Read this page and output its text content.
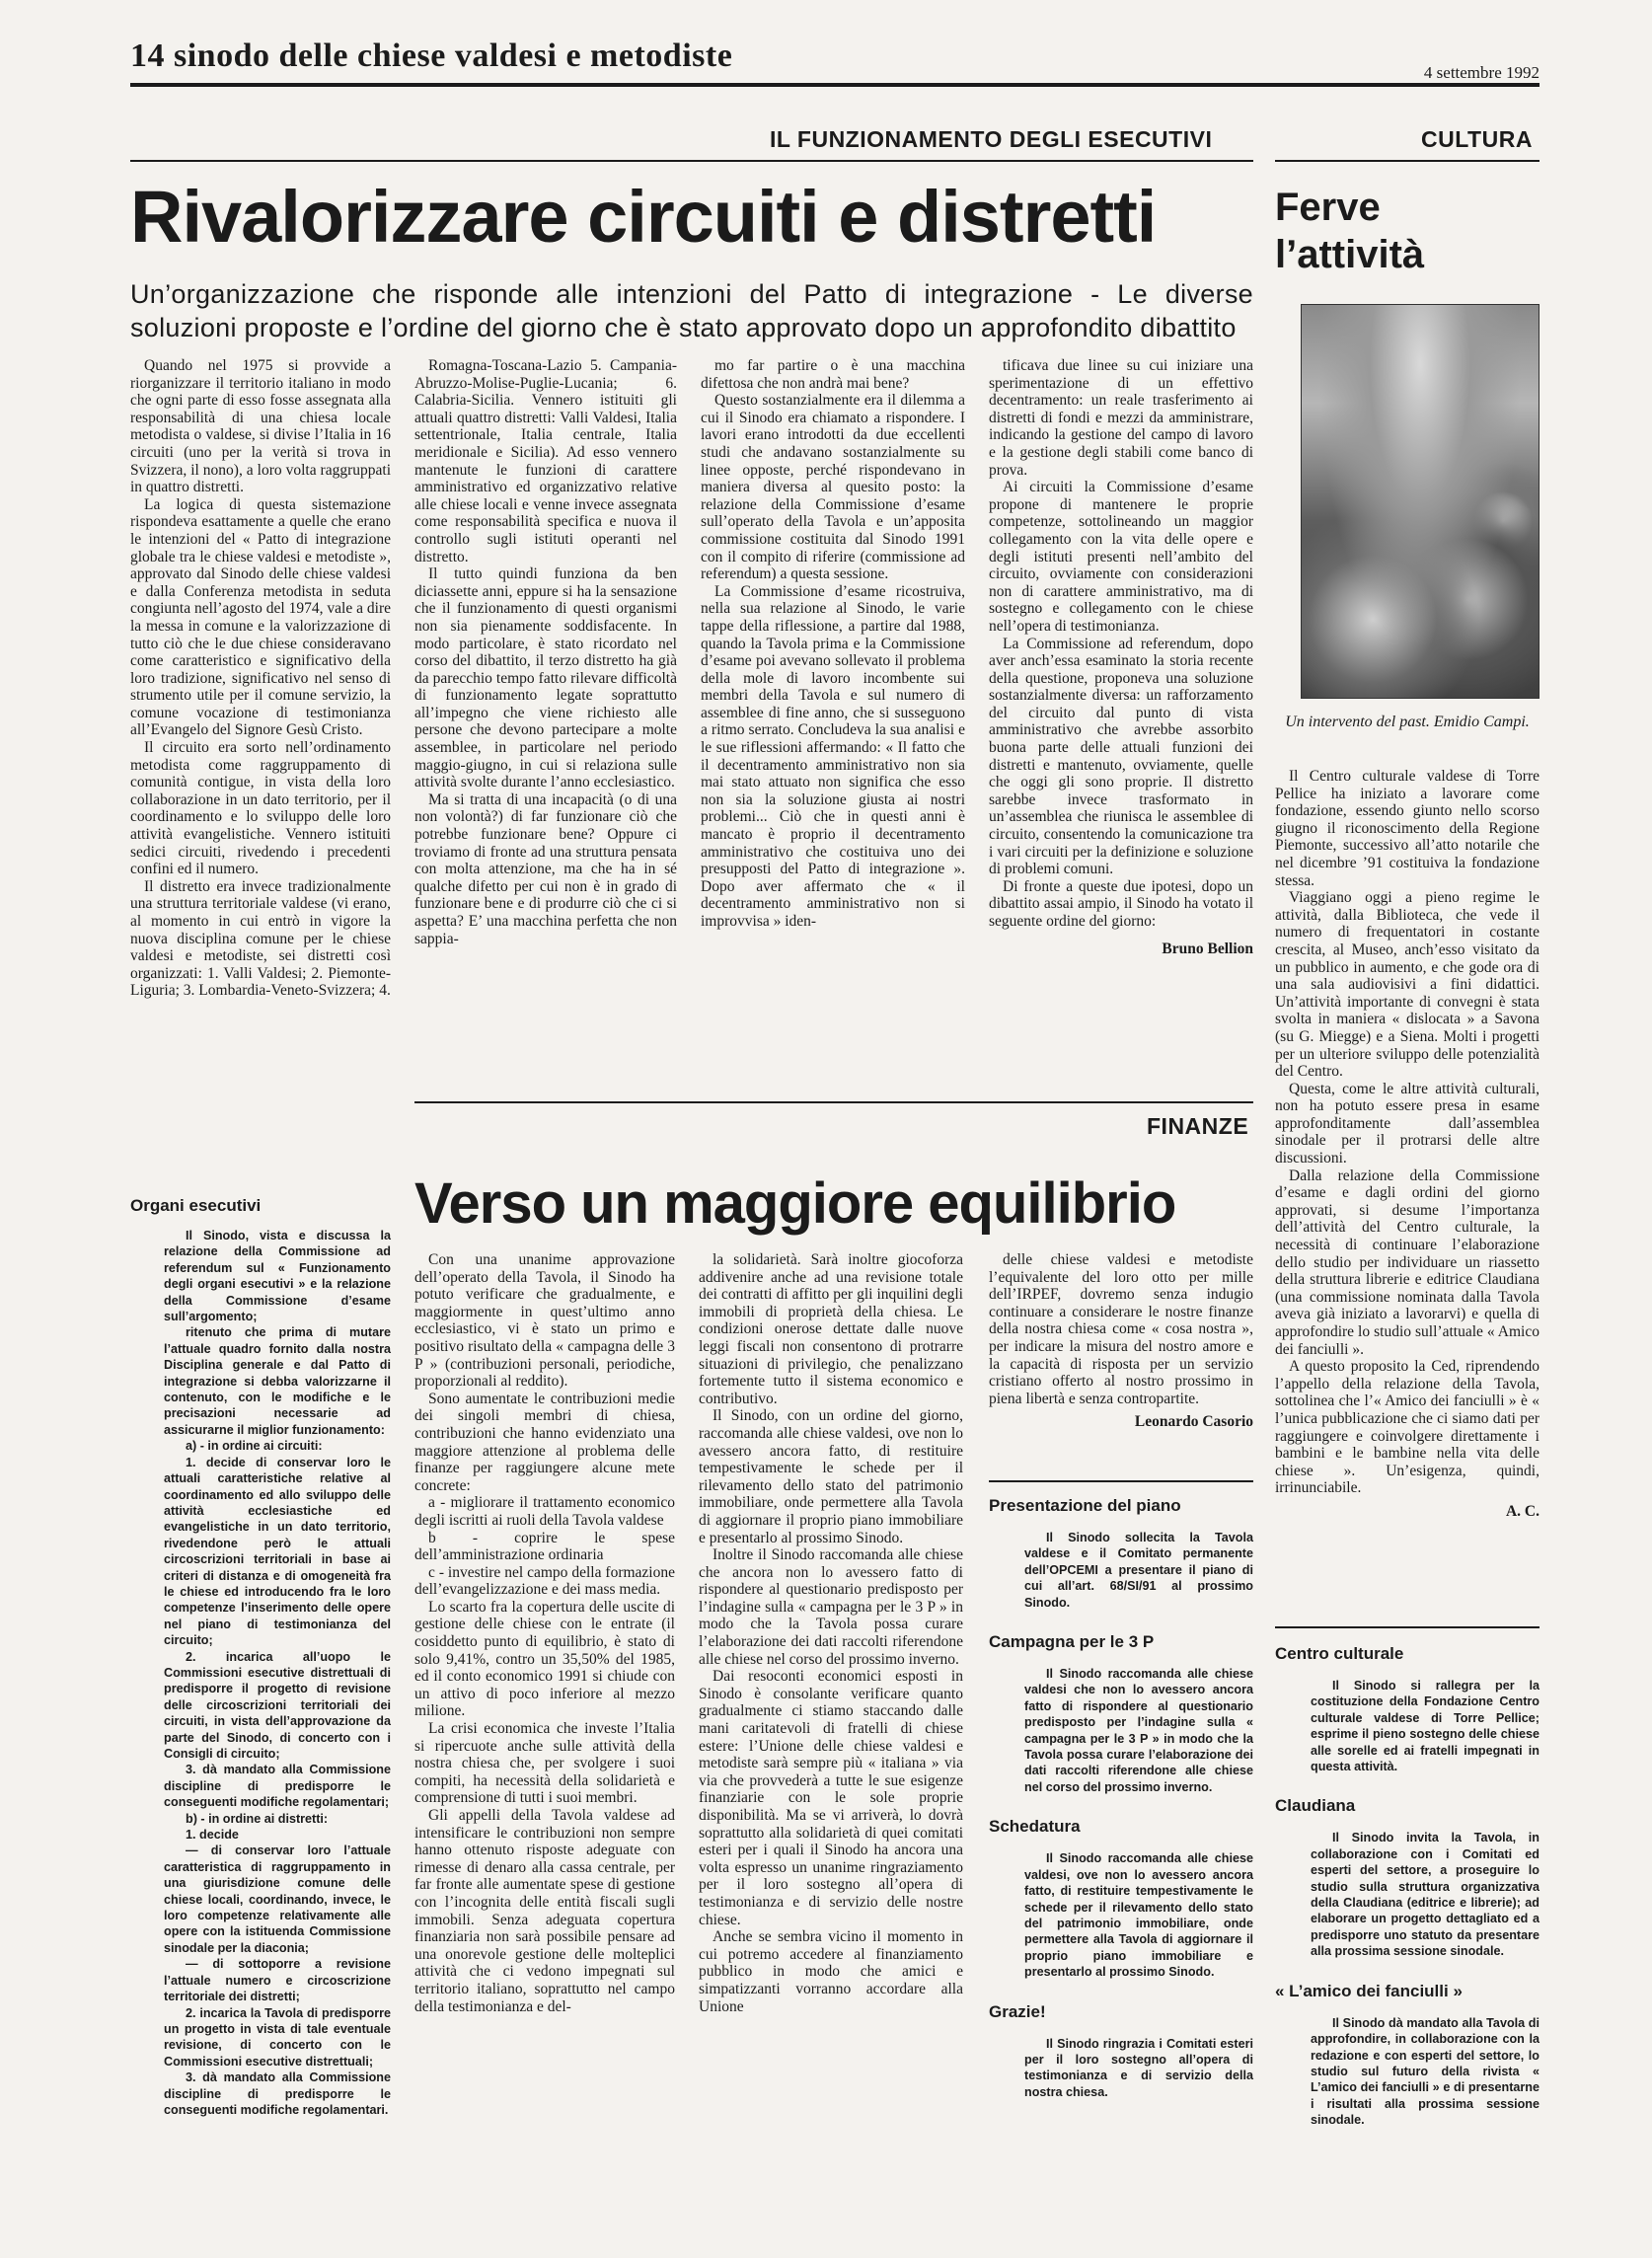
14 sinodo delle chiese valdesi e metodiste	4 settembre 1992
IL FUNZIONAMENTO DEGLI ESECUTIVI
Rivalorizzare circuiti e distretti
Un’organizzazione che risponde alle intenzioni del Patto di integrazione - Le diverse soluzioni proposte e l’ordine del giorno che è stato approvato dopo un approfondito dibattito

Quando nel 1975 si provvide a riorganizzare il territorio italiano in modo che ogni parte di esso fosse assegnata alla responsabilità di una chiesa locale metodista o valdese, si divise l’Italia in 16 circuiti (uno per la verità si trova in Svizzera, il nono), a loro volta raggruppati in quattro distretti.

La logica di questa sistemazione rispondeva esattamente a quelle che erano le intenzioni del « Patto di integrazione globale tra le chiese valdesi e metodiste », approvato dal Sinodo delle chiese valdesi e dalla Conferenza metodista in seduta congiunta nell’agosto del 1974, vale a dire la messa in comune e la valorizzazione di tutto ciò che le due chiese consideravano come caratteristico e significativo della loro tradizione, significativo nel senso di strumento utile per il comune servizio, la comune vocazione di testimonianza all’Evangelo del Signore Gesù Cristo.

Il circuito era sorto nell’ordinamento metodista come raggruppamento di comunità contigue, in vista della loro collaborazione in un dato territorio, per il coordinamento e lo sviluppo delle loro attività evangelistiche. Vennero istituiti sedici circuiti, rivedendo i precedenti confini ed il numero.

Il distretto era invece tradizionalmente una struttura territoriale valdese (vi erano, al momento in cui entrò in vigore la nuova disciplina comune per le chiese valdesi e metodiste, sei distretti così organizzati: 1. Valli Valdesi; 2. Piemonte-Liguria; 3. Lombardia-Veneto-Svizzera; 4.

Romagna-Toscana-Lazio 5. Campania-Abruzzo-Molise-Puglie-Lucania; 6. Calabria-Sicilia. Vennero istituiti gli attuali quattro distretti: Valli Valdesi, Italia settentrionale, Italia centrale, Italia meridionale e Sicilia). Ad esso vennero mantenute le funzioni di carattere amministrativo ed organizzativo relative alle chiese locali e venne invece assegnata come responsabilità specifica e nuova il controllo sugli istituti operanti nel distretto.

Il tutto quindi funziona da ben diciassette anni, eppure si ha la sensazione che il funzionamento di questi organismi non sia pienamente soddisfacente. In modo particolare, è stato ricordato nel corso del dibattito, il terzo distretto ha già da parecchio tempo fatto rilevare difficoltà di funzionamento legate soprattutto all’impegno che viene richiesto alle persone che devono partecipare a molte assemblee, in particolare nel periodo maggio-giugno, in cui si relaziona sulle attività svolte durante l’anno ecclesiastico.

Ma si tratta di una incapacità (o di una non volontà?) di far funzionare ciò che potrebbe funzionare bene? Oppure ci troviamo di fronte ad una struttura pensata con molta attenzione, ma che ha in sé qualche difetto per cui non è in grado di funzionare bene e di produrre ciò che ci si aspetta? E’ una macchina perfetta che non sappia-

mo far partire o è una macchina difettosa che non andrà mai bene?

Questo sostanzialmente era il dilemma a cui il Sinodo era chiamato a rispondere. I lavori erano introdotti da due eccellenti studi che andavano sostanzialmente su linee opposte, perché rispondevano in maniera diversa al quesito posto: la relazione della Commissione d’esame sull’operato della Tavola e un’apposita commissione costituita dal Sinodo 1991 con il compito di riferire (commissione ad referendum) a questa sessione.

La Commissione d’esame ricostruiva, nella sua relazione al Sinodo, le varie tappe della riflessione, a partire dal 1988, quando la Tavola prima e la Commissione d’esame poi avevano sollevato il problema della mole di lavoro incombente sui membri della Tavola e sul numero di assemblee di fine anno, che si susseguono a ritmo serrato. Concludeva la sua analisi e le sue riflessioni affermando: « Il fatto che il decentramento amministrativo non sia mai stato attuato non significa che esso non sia la soluzione giusta ai nostri problemi... Ciò che in questi anni è mancato è proprio il decentramento amministrativo che costituiva uno dei presupposti del Patto di integrazione ». Dopo aver affermato che « il decentramento amministrativo non si improvvisa » iden-

tificava due linee su cui iniziare una sperimentazione di un effettivo decentramento: un reale trasferimento ai distretti di fondi e mezzi da amministrare, indicando la gestione del campo di lavoro e la gestione degli stabili come banco di prova.

Ai circuiti la Commissione d’esame propone di mantenere le proprie competenze, sottolineando un maggior collegamento con la vita delle opere e degli istituti presenti nell’ambito del circuito, ovviamente con considerazioni non di carattere amministrativo, ma di sostegno e collegamento con le chiese nell’opera di testimonianza.

La Commissione ad referendum, dopo aver anch’essa esaminato la storia recente della questione, proponeva una soluzione sostanzialmente diversa: un rafforzamento del circuito dal punto di vista amministrativo che avrebbe assorbito buona parte delle attuali funzioni dei distretti e mantenuto, ovviamente, quelle che oggi gli sono proprie. Il distretto sarebbe invece trasformato in un’assemblea che riunisca le assemblee di circuito, consentendo la comunicazione tra i vari circuiti per la definizione e soluzione di problemi comuni.

Di fronte a queste due ipotesi, dopo un dibattito assai ampio, il Sinodo ha votato il seguente ordine del giorno:

Bruno Bellion
Organi esecutivi

Il Sinodo, vista e discussa la relazione della Commissione ad referendum sul « Funzionamento degli organi esecutivi » e la relazione della Commissione d’esame sull’argomento;

ritenuto che prima di mutare l’attuale quadro fornito dalla nostra Disciplina generale e dal Patto di integrazione si debba valorizzarne il contenuto, con le modifiche e le precisazioni necessarie ad assicurarne il miglior funzionamento:

a) - in ordine ai circuiti:

1. decide di conservar loro le attuali caratteristiche relative al coordinamento ed allo sviluppo delle attività ecclesiastiche ed evangelistiche in un dato territorio, rivedendone però le attuali circoscrizioni territoriali in base ai criteri di distanza e di omogeneità fra le chiese ed introducendo fra le loro competenze l’inserimento delle opere nel piano di testimonianza del circuito;

2. incarica all’uopo le Commissioni esecutive distrettuali di predisporre il progetto di revisione delle circoscrizioni territoriali dei circuiti, in vista dell’approvazione da parte del Sinodo, di concerto con i Consigli di circuito;

3. dà mandato alla Commissione discipline di predisporre le conseguenti modifiche regolamentari;

b) - in ordine ai distretti:

1. decide

— di conservar loro l’attuale caratteristica di raggruppamento in una giurisdizione comune delle chiese locali, coordinando, invece, le loro competenze relativamente alle opere con la istituenda Commissione sinodale per la diaconia;

— di sottoporre a revisione l’attuale numero e circoscrizione territoriale dei distretti;

2. incarica la Tavola di predisporre un progetto in vista di tale eventuale revisione, di concerto con le Commissioni esecutive distrettuali;

3. dà mandato alla Commissione discipline di predisporre le conseguenti modifiche regolamentari.

FINANZE
Verso un maggiore equilibrio

Con una unanime approvazione dell’operato della Tavola, il Sinodo ha potuto verificare che gradualmente, e maggiormente in quest’ultimo anno ecclesiastico, vi è stato un primo e positivo risultato della « campagna delle 3 P » (contribuzioni personali, periodiche, proporzionali al reddito).

Sono aumentate le contribuzioni medie dei singoli membri di chiesa, contribuzioni che hanno evidenziato una maggiore attenzione al problema delle finanze per raggiungere alcune mete concrete:

a - migliorare il trattamento economico degli iscritti ai ruoli della Tavola valdese

b - coprire le spese dell’amministrazione ordinaria

c - investire nel campo della formazione dell’evangelizzazione e dei mass media.

Lo scarto fra la copertura delle uscite di gestione delle chiese con le entrate (il cosiddetto punto di equilibrio, è stato di solo 9,41%, contro un 35,50% del 1985, ed il conto economico 1991 si chiude con un attivo di poco inferiore al mezzo milione.

La crisi economica che investe l’Italia si ripercuote anche sulle attività della nostra chiesa che, per svolgere i suoi compiti, ha necessità della solidarietà e comprensione di tutti i suoi membri.

Gli appelli della Tavola valdese ad intensificare le contribuzioni non sempre hanno ottenuto risposte adeguate con rimesse di denaro alla cassa centrale, per far fronte alle aumentate spese di gestione con l’incognita delle entità fiscali sugli immobili. Senza adeguata copertura finanziaria non sarà possibile pensare ad una onorevole gestione delle molteplici attività che ci vedono impegnati sul territorio italiano, soprattutto nel campo della testimonianza e del-

la solidarietà. Sarà inoltre giocoforza addivenire anche ad una revisione totale dei contratti di affitto per gli inquilini degli immobili di proprietà della chiesa. Le condizioni onerose dettate dalle nuove leggi fiscali non consentono di protrarre situazioni di privilegio, che penalizzano fortemente tutto il sistema economico e contributivo.

Il Sinodo, con un ordine del giorno, raccomanda alle chiese valdesi, ove non lo avessero ancora fatto, di restituire tempestivamente le schede per il rilevamento dello stato del patrimonio immobiliare, onde permettere alla Tavola di aggiornare il proprio piano immobiliare e presentarlo al prossimo Sinodo.

Inoltre il Sinodo raccomanda alle chiese che ancora non lo avessero fatto di rispondere al questionario predisposto per l’indagine sulla « campagna per le 3 P » in modo che la Tavola possa curare l’elaborazione dei dati raccolti riferendone alle chiese nel corso del prossimo inverno.

Dai resoconti economici esposti in Sinodo è consolante verificare quanto gradualmente ci stiamo staccando dalle mani caritatevoli di fratelli di chiese estere: l’Unione delle chiese valdesi e metodiste sarà sempre più « italiana » via via che provvederà a tutte le sue esigenze finanziarie con le sole proprie disponibilità. Ma se vi arriverà, lo dovrà soprattutto alla solidarietà di quei comitati esteri per i quali il Sinodo ha ancora una volta espresso un unanime ringraziamento per il loro sostegno all’opera di testimonianza e di servizio delle nostre chiese.

Anche se sembra vicino il momento in cui potremo accedere al finanziamento pubblico in modo che amici e simpatizzanti vorranno accordare alla Unione

delle chiese valdesi e metodiste l’equivalente del loro otto per mille dell’IRPEF, dovremo senza indugio continuare a considerare le nostre finanze della nostra chiesa come « cosa nostra », per indicare la misura del nostro amore e la capacità di risposta per un servizio cristiano offerto al nostro prossimo in piena libertà e senza contropartite.

Leonardo Casorio
Presentazione del piano

Il Sinodo sollecita la Tavola valdese e il Comitato permanente dell’OPCEMI a presentare il piano di cui all’art. 68/SI/91 al prossimo Sinodo.

Campagna per le 3 P

Il Sinodo raccomanda alle chiese valdesi che non lo avessero ancora fatto di rispondere al questionario predisposto per l’indagine sulla « campagna per le 3 P » in modo che la Tavola possa curare l’elaborazione dei dati raccolti riferendone alle chiese nel corso del prossimo inverno.

Schedatura

Il Sinodo raccomanda alle chiese valdesi, ove non lo avessero ancora fatto, di restituire tempestivamente le schede per il rilevamento dello stato del patrimonio immobiliare, onde permettere alla Tavola di aggiornare il proprio piano immobiliare e presentarlo al prossimo Sinodo.

Grazie!

Il Sinodo ringrazia i Comitati esteri per il loro sostegno all’opera di testimonianza e di servizio della nostra chiesa.

CULTURA
Ferve l’attività
Un intervento del past. Emidio Campi.

Il Centro culturale valdese di Torre Pellice ha iniziato a lavorare come fondazione, essendo giunto nello scorso giugno il riconoscimento della Regione Piemonte, successivo all’atto notarile che nel dicembre ’91 costituiva la fondazione stessa.

Viaggiano oggi a pieno regime le attività, dalla Biblioteca, che vede il numero di frequentatori in costante crescita, al Museo, anch’esso visitato da un pubblico in aumento, e che gode ora di una sala audiovisivi a fini didattici. Un’attività importante di convegni è stata svolta in maniera « dislocata » a Savona (su G. Miegge) e a Siena. Molti i progetti per un ulteriore sviluppo delle potenzialità del Centro.

Questa, come le altre attività culturali, non ha potuto essere presa in esame approfonditamente dall’assemblea sinodale per il protrarsi delle altre discussioni.

Dalla relazione della Commissione d’esame e dagli ordini del giorno approvati, si desume l’importanza dell’attività del Centro culturale, la necessità di continuare l’elaborazione dello studio per individuare un riassetto della struttura librerie e editrice Claudiana (una commissione nominata dalla Tavola aveva già iniziato a lavorarvi) e quella di approfondire lo studio sull’attuale « Amico dei fanciulli ».

A questo proposito la Ced, riprendendo l’appello della relazione della Tavola, sottolinea che l’« Amico dei fanciulli » è « l’unica pubblicazione che ci siamo dati per raggiungere e coinvolgere direttamente i bambini e le bambine nella vita delle chiese ». Un’esigenza, quindi, irrinunciabile.

A. C.
Centro culturale

Il Sinodo si rallegra per la costituzione della Fondazione Centro culturale valdese di Torre Pellice; esprime il pieno sostegno delle chiese alle sorelle ed ai fratelli impegnati in questa attività.

Claudiana

Il Sinodo invita la Tavola, in collaborazione con i Comitati ed esperti del settore, a proseguire lo studio sulla struttura organizzativa della Claudiana (editrice e librerie); ad elaborare un progetto dettagliato ed a predisporre uno statuto da presentare alla prossima sessione sinodale.

« L’amico dei fanciulli »

Il Sinodo dà mandato alla Tavola di approfondire, in collaborazione con la redazione e con esperti del settore, lo studio sul futuro della rivista « L’amico dei fanciulli » e di presentarne i risultati alla prossima sessione sinodale.
